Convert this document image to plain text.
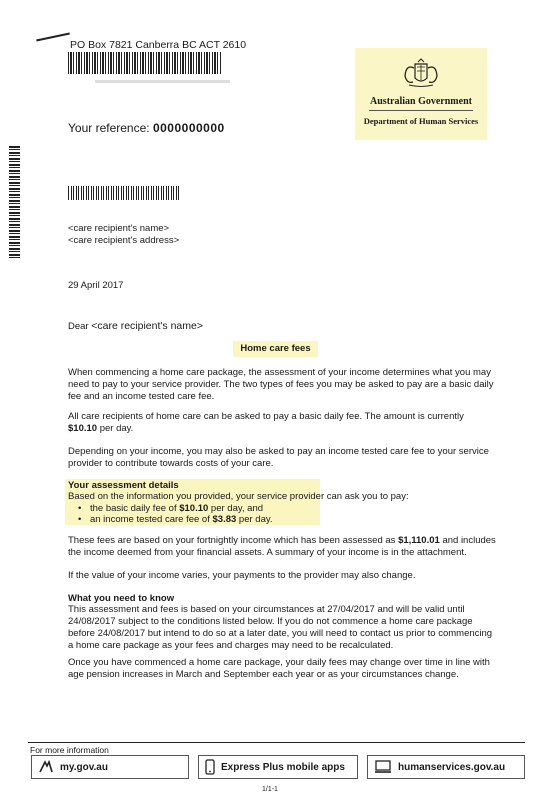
PO Box 7821 Canberra BC ACT 2610
Your reference: 0000000000
Australian Government
Department of Human Services
<care recipient's name>
<care recipient's address>
29 April 2017
Dear <care recipient's name>
Home care fees

When commencing a home care package, the assessment of your income determines what you may need to pay to your service provider. The two types of fees you may be asked to pay are a basic daily fee and an income tested care fee.

All care recipients of home care can be asked to pay a basic daily fee. The amount is currently
$10.10 per day.

Depending on your income, you may also be asked to pay an income tested care fee to your service provider to contribute towards costs of your care.

Your assessment details
Based on the information you provided, your service provider can ask you to pay:
• the basic daily fee of $10.10 per day, and
• an income tested care fee of $3.83 per day.

These fees are based on your fortnightly income which has been assessed as $1,110.01 and includes the income deemed from your financial assets. A summary of your income is in the attachment.

If the value of your income varies, your payments to the provider may also change.

What you need to know

This assessment and fees is based on your circumstances at 27/04/2017 and will be valid until 24/08/2017 subject to the conditions listed below. If you do not commence a home care package before 24/08/2017 but intend to do so at a later date, you will need to contact us prior to commencing a home care package as your fees and charges may need to be recalculated.

Once you have commenced a home care package, your daily fees may change over time in line with age pension increases in March and September each year or as your circumstances change.

For more information
my.gov.au	Express Plus mobile apps	humanservices.gov.au
1/1-1
